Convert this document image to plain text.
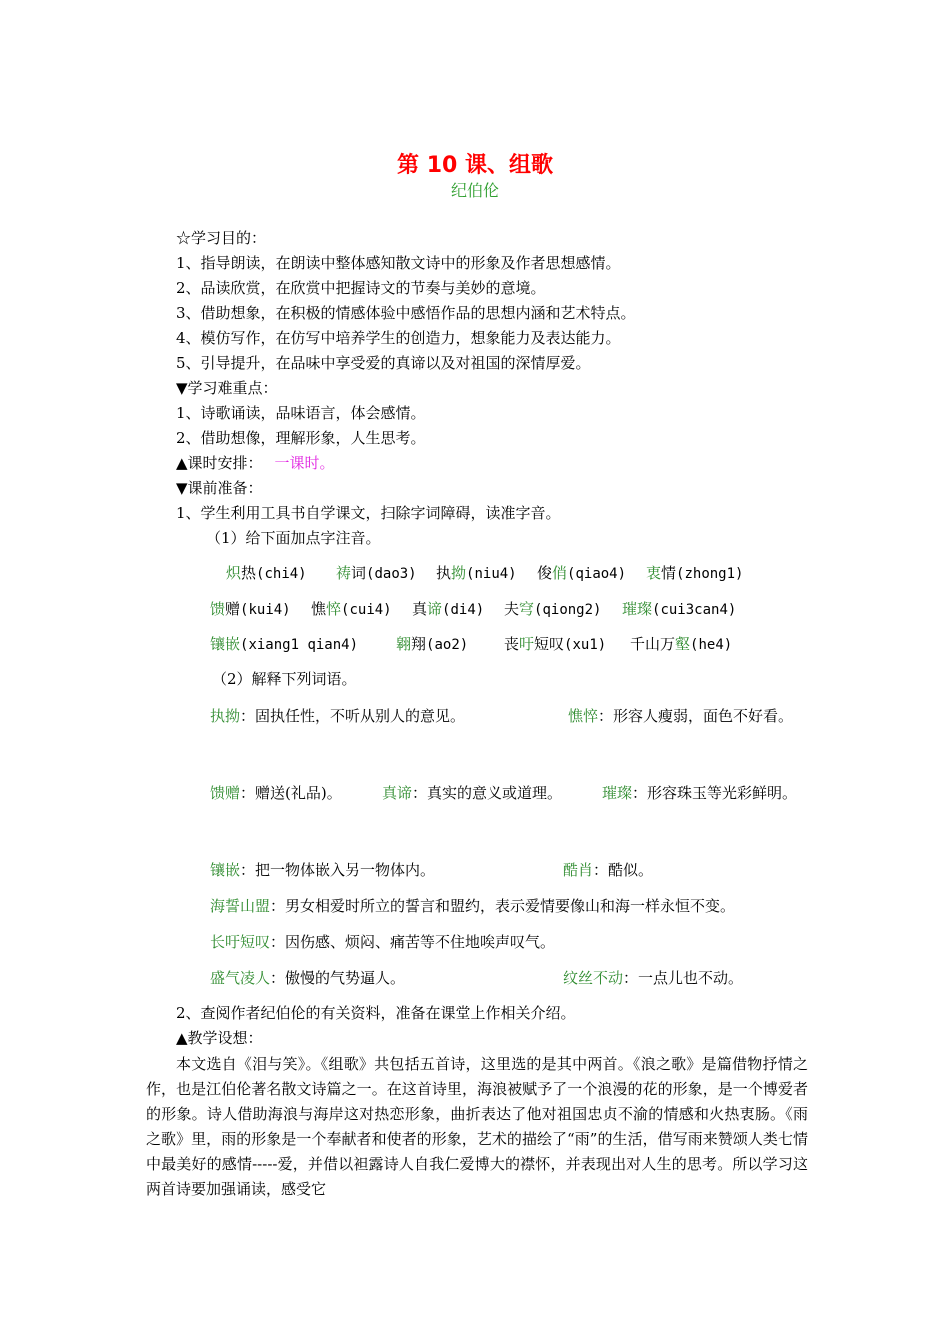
第 10 课、组歌
纪伯伦
☆学习目的：
1、指导朗读，在朗读中整体感知散文诗中的形象及作者思想感情。
2、品读欣赏，在欣赏中把握诗文的节奏与美妙的意境。
3、借助想象，在积极的情感体验中感悟作品的思想内涵和艺术特点。
4、模仿写作，在仿写中培养学生的创造力，想象能力及表达能力。
5、引导提升，在品味中享受爱的真谛以及对祖国的深情厚爱。
▼学习难重点：
1、诗歌诵读，品味语言，体会感情。
2、借助想像，理解形象，人生思考。
▲课时安排： 一课时。
▼课前准备：
1、学生利用工具书自学课文，扫除字词障碍，读准字音。
（1）给下面加点字注音。
炽热(chi4) 祷词(dao3) 执拗(niu4) 俊俏(qiao4) 衷情(zhong1)
馈赠(kui4) 憔悴(cui4) 真谛(di4) 夫穹(qiong2) 璀璨(cui3can4)
镶嵌(xiang1 qian4)	翱翔(ao2) 丧吁短叹(xu1) 千山万壑(he4)
（2）解释下列词语。
执拗：固执任性，不听从别人的意见。	憔悴：形容人瘦弱，面色不好看。
馈赠：赠送(礼品)。	真谛：真实的意义或道理。	璀璨：形容珠玉等光彩鲜明。
镶嵌：把一物体嵌入另一物体内。	酷肖：酷似。
海誓山盟：男女相爱时所立的誓言和盟约，表示爱情要像山和海一样永恒不变。
长吁短叹：因伤感、烦闷、痛苦等不住地唉声叹气。
盛气凌人：傲慢的气势逼人。	纹丝不动：一点儿也不动。
2、查阅作者纪伯伦的有关资料，准备在课堂上作相关介绍。
▲教学设想：
本文选自《泪与笑》。《组歌》共包括五首诗，这里选的是其中两首。《浪之歌》是篇借物抒情之作，也是江伯伦著名散文诗篇之一。在这首诗里，海浪被赋予了一个浪漫的花的形象，是一个博爱者的形象。诗人借助海浪与海岸这对热恋形象，曲折表达了他对祖国忠贞不渝的情感和火热衷肠。《雨之歌》里，雨的形象是一个奉献者和使者的形象，艺术的描绘了“雨”的生活，借写雨来赞颂人类七情中最美好的感情-----爱，并借以袒露诗人自我仁爱博大的襟怀，并表现出对人生的思考。所以学习这两首诗要加强诵读，感受它
